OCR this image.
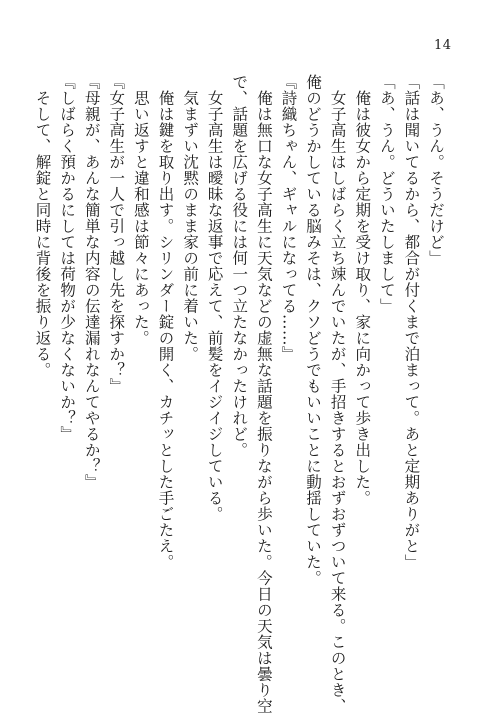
14
「あ、うん。そうだけど」
「話は聞いてるから、都合が付くまで泊まって。あと定期ありがと」
「あ、うん。どういたしまして」
　俺は彼女から定期を受け取り、家に向かって歩き出した。
　女子高生はしばらく立ち竦んでいたが、手招きするとおずおずついて来る。このとき、
俺のどうかしている脳みそは、クソどうでもいいことに動揺していた。
『詩織ちゃん、ギャルになってる……』
　俺は無口な女子高生に天気などの虚無な話題を振りながら歩いた。今日の天気は曇り空
で、話題を広げる役には何一つ立たなかったけれど。
　女子高生は曖昧な返事で応えて、前髪をイジイジしている。
　気まずい沈黙のまま家の前に着いた。
　俺は鍵を取り出す。シリンダー錠の開く、カチッとした手ごたえ。
　思い返すと違和感は節々にあった。
『女子高生が一人で引っ越し先を探すか？』
『母親が、あんな簡単な内容の伝達漏れなんてやるか？』
『しばらく預かるにしては荷物が少なくないか？』
　そして、解錠と同時に背後を振り返る。
